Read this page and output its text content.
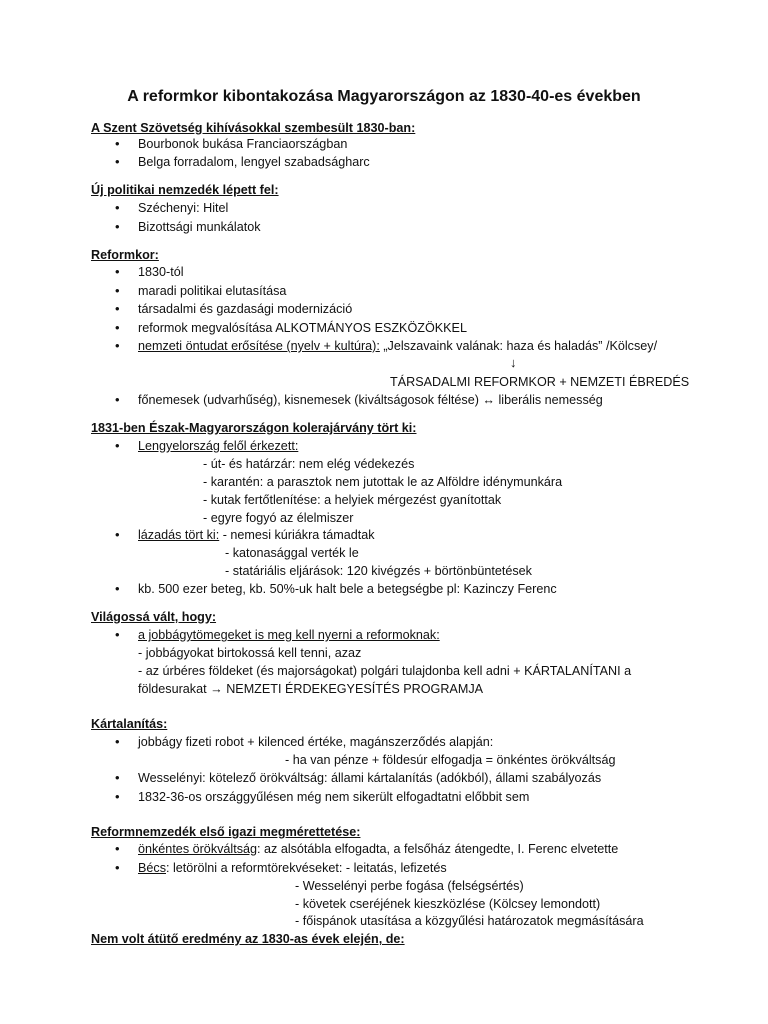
A reformkor kibontakozása Magyarországon az 1830-40-es években
A Szent Szövetség kihívásokkal szembesült 1830-ban:
• Bourbonok bukása Franciaországban
• Belga forradalom, lengyel szabadságharc
Új politikai nemzedék lépett fel:
• Széchenyi: Hitel
• Bizottsági munkálatok
Reformkor:
• 1830-tól
• maradi politikai elutasítása
• társadalmi és gazdasági modernizáció
• reformok megvalósítása ALKOTMÁNYOS ESZKÖZÖKKEL
• nemzeti öntudat erősítése (nyelv + kultúra): „Jelszavaink valának: haza és haladás” /Kölcsey/
↓
TÁRSADALMI REFORMKOR + NEMZETI ÉBREDÉS
• főnemesek (udvarhűség), kisnemesek (kiváltságosok féltése) ↔ liberális nemesség
1831-ben Észak-Magyarországon kolerajárvány tört ki:
• Lengyelország felől érkezett:
- út- és határzár: nem elég védekezés
- karantén: a parasztok nem jutottak le az Alföldre idénymunkára
- kutak fertőtlenítése: a helyiek mérgezést gyanítottak
- egyre fogyó az élelmiszer
• lázadás tört ki: - nemesi kúriákra támadtak
- katonasággal verték le
- statáriális eljárások: 120 kivégzés + börtönbüntetések
• kb. 500 ezer beteg, kb. 50%-uk halt bele a betegségbe pl: Kazinczy Ferenc
Világossá vált, hogy:
• a jobbágytömegeket is meg kell nyerni a reformoknak:
- jobbágyokat birtokossá kell tenni, azaz
- az úrbéres földeket (és majorságokat) polgári tulajdonba kell adni + KÁRTALANÍTANI a
földesurakat → NEMZETI ÉRDEKEGYESÍTÉS PROGRAMJA
Kártalanítás:
• jobbágy fizeti robot + kilenced értéke, magánszerződés alapján:
- ha van pénze + földesúr elfogadja = önkéntes örökváltság
• Wesselényi: kötelező örökváltság: állami kártalanítás (adókból), állami szabályozás
• 1832-36-os országgyűlésen még nem sikerült elfogadtatni előbbit sem
Reformnemzedék első igazi megmérettetése:
• önkéntes örökváltság: az alsótábla elfogadta, a felsőház átengedte, I. Ferenc elvetette
• Bécs: letörölni a reformtörekvéseket: - leitatás, lefizetés
- Wesselényi perbe fogása (felségsértés)
- követek cseréjének kieszközlése (Kölcsey lemondott)
- főispánok utasítása a közgyűlési határozatok megmásítására
Nem volt átütő eredmény az 1830-as évek elején, de:
